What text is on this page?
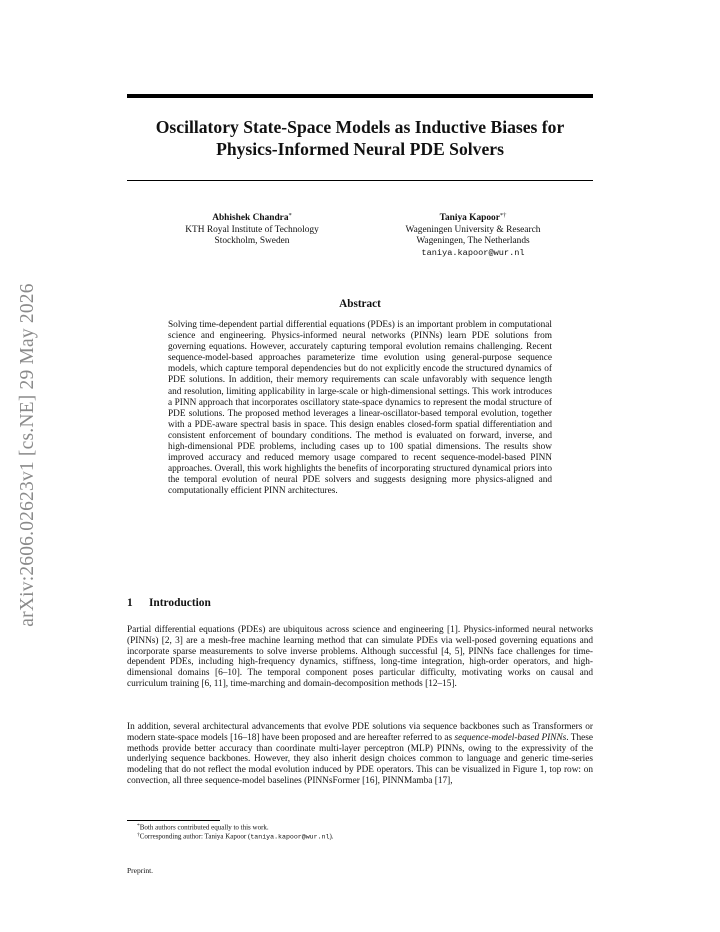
arXiv:2606.02623v1 [cs.NE] 29 May 2026
Oscillatory State-Space Models as Inductive Biases for Physics-Informed Neural PDE Solvers
Abhishek Chandra*
KTH Royal Institute of Technology
Stockholm, Sweden
Taniya Kapoor*†
Wageningen University & Research
Wageningen, The Netherlands
taniya.kapoor@wur.nl
Abstract

Solving time-dependent partial differential equations (PDEs) is an important problem in computational science and engineering. Physics-informed neural networks (PINNs) learn PDE solutions from governing equations. However, accurately capturing temporal evolution remains challenging. Recent sequence-model-based approaches parameterize time evolution using general-purpose sequence models, which capture temporal dependencies but do not explicitly encode the structured dynamics of PDE solutions. In addition, their memory requirements can scale unfavorably with sequence length and resolution, limiting applicability in large-scale or high-dimensional settings. This work introduces a PINN approach that incorporates oscillatory state-space dynamics to represent the modal structure of PDE solutions. The proposed method leverages a linear-oscillator-based temporal evolution, together with a PDE-aware spectral basis in space. This design enables closed-form spatial differentiation and consistent enforcement of boundary conditions. The method is evaluated on forward, inverse, and high-dimensional PDE problems, including cases up to 100 spatial dimensions. The results show improved accuracy and reduced memory usage compared to recent sequence-model-based PINN approaches. Overall, this work highlights the benefits of incorporating structured dynamical priors into the temporal evolution of neural PDE solvers and suggests designing more physics-aligned and computationally efficient PINN architectures.

1 Introduction

Partial differential equations (PDEs) are ubiquitous across science and engineering [1]. Physics-informed neural networks (PINNs) [2, 3] are a mesh-free machine learning method that can simulate PDEs via well-posed governing equations and incorporate sparse measurements to solve inverse problems. Although successful [4, 5], PINNs face challenges for time-dependent PDEs, including high-frequency dynamics, stiffness, long-time integration, high-order operators, and high-dimensional domains [6–10]. The temporal component poses particular difficulty, motivating works on causal and curriculum training [6, 11], time-marching and domain-decomposition methods [12–15].

In addition, several architectural advancements that evolve PDE solutions via sequence backbones such as Transformers or modern state-space models [16–18] have been proposed and are hereafter referred to as sequence-model-based PINNs. These methods provide better accuracy than coordinate multi-layer perceptron (MLP) PINNs, owing to the expressivity of the underlying sequence backbones. However, they also inherit design choices common to language and generic time-series modeling that do not reflect the modal evolution induced by PDE operators. This can be visualized in Figure 1, top row: on convection, all three sequence-model baselines (PINNsFormer [16], PINNMamba [17],

*Both authors contributed equally to this work.

†Corresponding author: Taniya Kapoor (taniya.kapoor@wur.nl).

Preprint.
